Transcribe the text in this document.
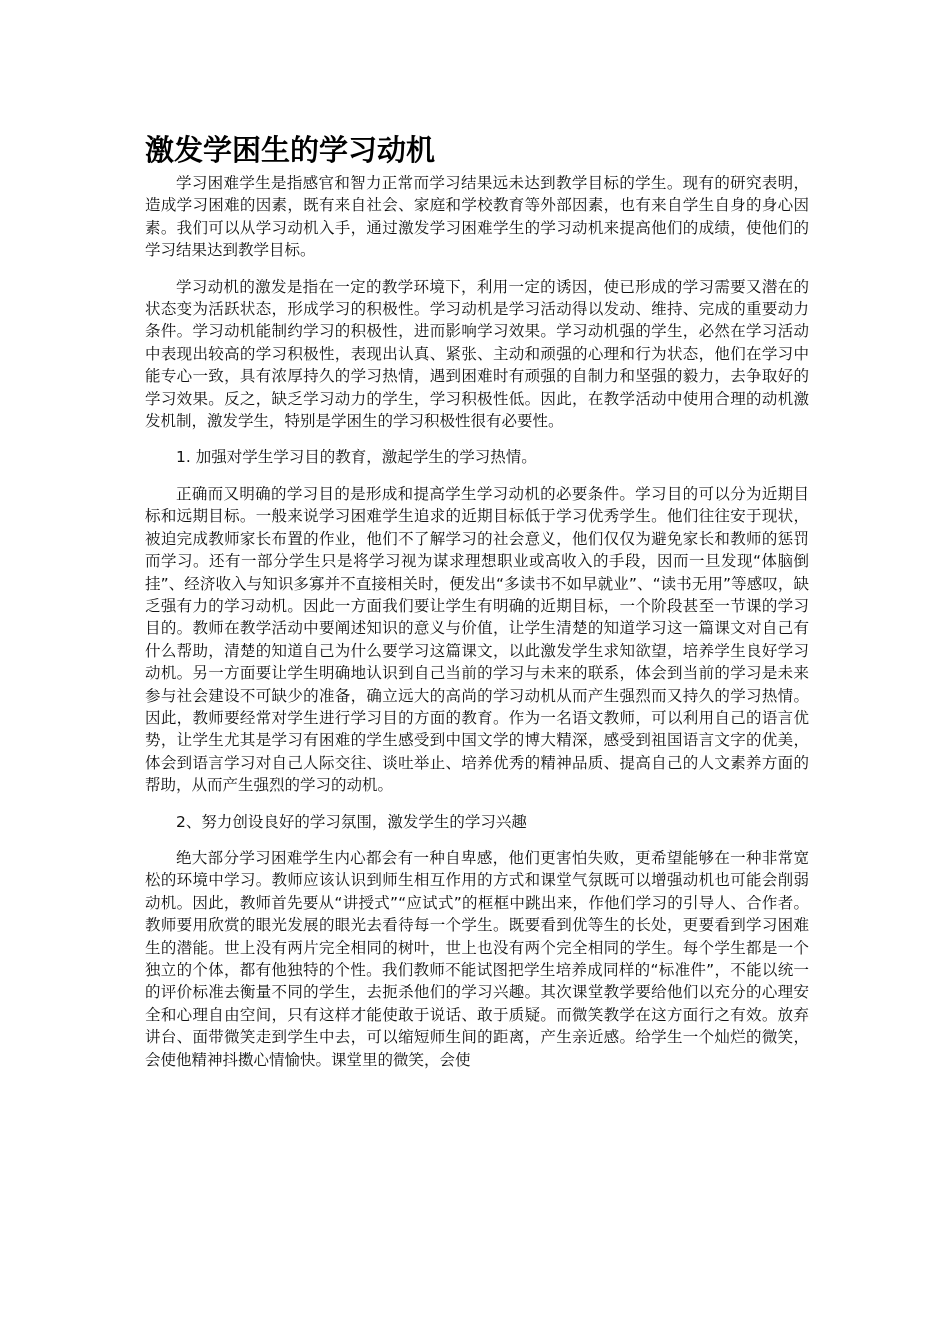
激发学困生的学习动机

学习困难学生是指感官和智力正常而学习结果远未达到教学目标的学生。现有的研究表明，造成学习困难的因素，既有来自社会、家庭和学校教育等外部因素，也有来自学生自身的身心因素。我们可以从学习动机入手，通过激发学习困难学生的学习动机来提高他们的成绩，使他们的学习结果达到教学目标。

学习动机的激发是指在一定的教学环境下，利用一定的诱因，使已形成的学习需要又潜在的状态变为活跃状态，形成学习的积极性。学习动机是学习活动得以发动、维持、完成的重要动力条件。学习动机能制约学习的积极性，进而影响学习效果。学习动机强的学生，必然在学习活动中表现出较高的学习积极性，表现出认真、紧张、主动和顽强的心理和行为状态，他们在学习中能专心一致，具有浓厚持久的学习热情，遇到困难时有顽强的自制力和坚强的毅力，去争取好的学习效果。反之，缺乏学习动力的学生，学习积极性低。因此，在教学活动中使用合理的动机激发机制，激发学生，特别是学困生的学习积极性很有必要性。

1. 加强对学生学习目的教育，激起学生的学习热情。

正确而又明确的学习目的是形成和提高学生学习动机的必要条件。学习目的可以分为近期目标和远期目标。一般来说学习困难学生追求的近期目标低于学习优秀学生。他们往往安于现状，被迫完成教师家长布置的作业，他们不了解学习的社会意义，他们仅仅为避免家长和教师的惩罚而学习。还有一部分学生只是将学习视为谋求理想职业或高收入的手段，因而一旦发现“体脑倒挂”、经济收入与知识多寡并不直接相关时，便发出“多读书不如早就业”、“读书无用”等感叹，缺乏强有力的学习动机。因此一方面我们要让学生有明确的近期目标，一个阶段甚至一节课的学习目的。教师在教学活动中要阐述知识的意义与价值，让学生清楚的知道学习这一篇课文对自己有什么帮助，清楚的知道自己为什么要学习这篇课文，以此激发学生求知欲望，培养学生良好学习动机。另一方面要让学生明确地认识到自己当前的学习与未来的联系，体会到当前的学习是未来参与社会建设不可缺少的准备，确立远大的高尚的学习动机从而产生强烈而又持久的学习热情。因此，教师要经常对学生进行学习目的方面的教育。作为一名语文教师，可以利用自己的语言优势，让学生尤其是学习有困难的学生感受到中国文学的博大精深，感受到祖国语言文字的优美，体会到语言学习对自己人际交往、谈吐举止、培养优秀的精神品质、提高自己的人文素养方面的帮助，从而产生强烈的学习的动机。

2、努力创设良好的学习氛围，激发学生的学习兴趣

绝大部分学习困难学生内心都会有一种自卑感，他们更害怕失败，更希望能够在一种非常宽松的环境中学习。教师应该认识到师生相互作用的方式和课堂气氛既可以增强动机也可能会削弱动机。因此，教师首先要从“讲授式”“应试式”的框框中跳出来，作他们学习的引导人、合作者。教师要用欣赏的眼光发展的眼光去看待每一个学生。既要看到优等生的长处，更要看到学习困难生的潜能。世上没有两片完全相同的树叶，世上也没有两个完全相同的学生。每个学生都是一个独立的个体，都有他独特的个性。我们教师不能试图把学生培养成同样的“标准件”，不能以统一的评价标准去衡量不同的学生，去扼杀他们的学习兴趣。其次课堂教学要给他们以充分的心理安全和心理自由空间，只有这样才能使敢于说话、敢于质疑。而微笑教学在这方面行之有效。放弃讲台、面带微笑走到学生中去，可以缩短师生间的距离，产生亲近感。给学生一个灿烂的微笑，会使他精神抖擞心情愉快。课堂里的微笑，会使
